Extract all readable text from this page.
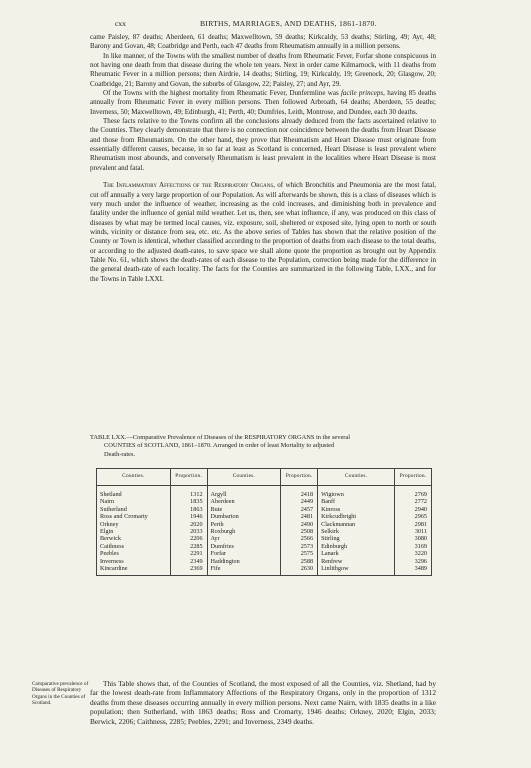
cxx	BIRTHS, MARRIAGES, AND DEATHS, 1861-1870.

came Paisley, 87 deaths; Aberdeen, 61 deaths; Maxwelltown, 59 deaths; Kirkcaldy, 53 deaths; Stirling, 49; Ayr, 48; Barony and Govan, 48; Coatbridge and Perth, each 47 deaths from Rheumatism annually in a million persons.

In like manner, of the Towns with the smallest number of deaths from Rheumatic Fever, Forfar shone conspicuous in not having one death from that disease during the whole ten years. Next in order came Kilmarnock, with 11 deaths from Rheumatic Fever in a million persons; then Airdrie, 14 deaths; Stirling, 19; Kirkcaldy, 19; Greenock, 20; Glasgow, 20; Coatbridge, 21; Barony and Govan, the suburbs of Glasgow, 22; Paisley, 27; and Ayr, 29.

Of the Towns with the highest mortality from Rheumatic Fever, Dunfermline was facile princeps, having 85 deaths annually from Rheumatic Fever in every million persons. Then followed Arbroath, 64 deaths; Aberdeen, 55 deaths; Inverness, 50; Maxwelltown, 49; Edinburgh, 41; Perth, 40; Dumfries, Leith, Montrose, and Dundee, each 30 deaths.

These facts relative to the Towns confirm all the conclusions already deduced from the facts ascertained relative to the Counties. They clearly demonstrate that there is no connection nor coincidence between the deaths from Heart Disease and those from Rheumatism. On the other hand, they prove that Rheumatism and Heart Disease must originate from essentially different causes, because, in so far at least as Scotland is concerned, Heart Disease is least prevalent where Rheumatism most abounds, and conversely Rheumatism is least prevalent in the localities where Heart Disease is most prevalent and fatal.

The Inflammatory Affections of the Respiratory Organs, of which Bronchitis and Pneumonia are the most fatal, cut off annually a very large proportion of our Population. As will afterwards be shown, this is a class of diseases which is very much under the influence of weather, increasing as the cold increases, and diminishing both in prevalence and fatality under the influence of genial mild weather. Let us, then, see what influence, if any, was produced on this class of diseases by what may be termed local causes, viz. exposure, soil, sheltered or exposed site, lying open to north or south winds, vicinity or distance from sea, etc. etc. As the above series of Tables has shown that the relative position of the County or Town is identical, whether classified according to the proportion of deaths from each disease to the total deaths, or according to the adjusted death-rates, to save space we shall alone quote the proportion as brought out by Appendix Table No. 61, which shows the death-rates of each disease to the Population, correction being made for the difference in the general death-rate of each locality. The facts for the Counties are summarized in the following Table, LXX., and for the Towns in Table LXXI.

TABLE LXX.—Comparative Prevalence of Diseases of the RESPIRATORY ORGANS in the several
COUNTIES of SCOTLAND, 1861–1870. Arranged in order of least Mortality to adjusted
Death-rates.
Counties.	Proportion.	Counties.	Proportion.	Counties.	Proportion.

Shetland	1312	Argyll	2418	Wigtown	2769
Nairn	1835	Aberdeen	2449	Banff	2772
Sutherland	1863	Bute	2457	Kinross	2940
Ross and Cromarty	1946	Dumbarton	2481	Kirkcudbright	2965
Orkney	2020	Perth	2490	Clackmannan	2981
Elgin	2033	Roxburgh	2508	Selkirk	3011
Berwick	2206	Ayr	2566	Stirling	3080
Caithness	2285	Dumfries	2573	Edinburgh	3169
Peebles	2291	Forfar	2575	Lanark	3220
Inverness	2349	Haddington	2588	Renfrew	3296
Kincardine	2369	Fife	2630	Linlithgow	3489
Comparative prevalence of Diseases of Respiratory Organs in the Counties of Scotland.
This Table shows that, of the Counties of Scotland, the most exposed of all the Counties, viz. Shetland, had by far the lowest death-rate from Inflammatory Affections of the Respiratory Organs, only in the proportion of 1312 deaths from these diseases occurring annually in every million persons. Next came Nairn, with 1835 deaths in a like population; then Sutherland, with 1863 deaths; Ross and Cromarty, 1946 deaths; Orkney, 2020; Elgin, 2033; Berwick, 2206; Caithness, 2285; Peebles, 2291; and Inverness, 2349 deaths.
